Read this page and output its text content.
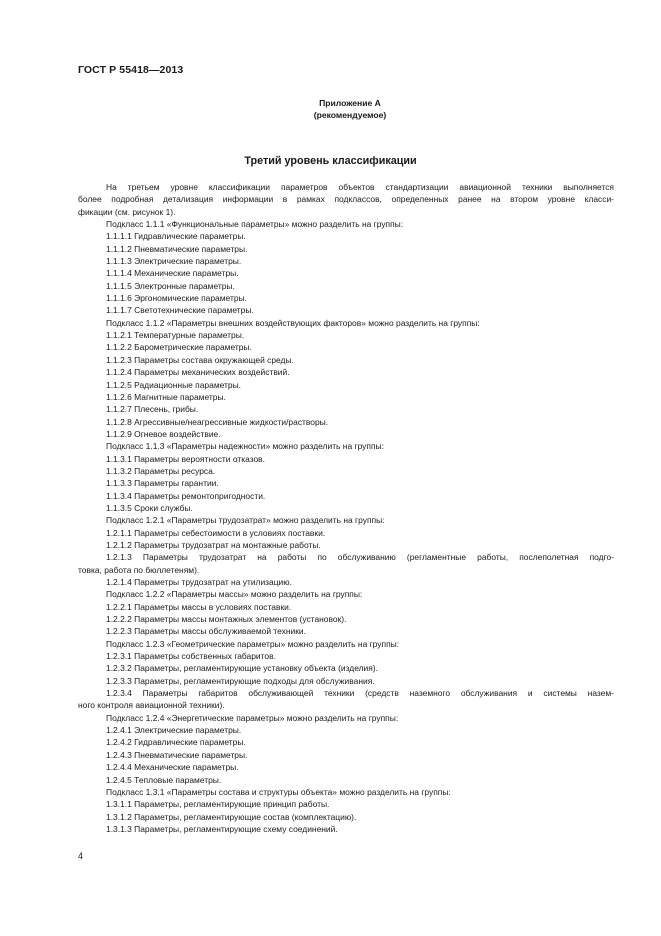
ГОСТ Р 55418—2013
Приложение А
(рекомендуемое)
Третий уровень классификации
На третьем уровне классификации параметров объектов стандартизации авиационной техники выполняется
более подробная детализация информации в рамках подклассов, определенных ранее на втором уровне класси-
фикации (см. рисунок 1).
Подкласс 1.1.1 «Функциональные параметры» можно разделить на группы:
1.1.1.1 Гидравлические параметры.
1.1.1.2 Пневматические параметры.
1.1.1.3 Электрические параметры.
1.1.1.4 Механические параметры.
1.1.1.5 Электронные параметры.
1.1.1.6 Эргономические параметры.
1.1.1.7 Светотехнические параметры.
Подкласс 1.1.2 «Параметры внешних воздействующих факторов» можно разделить на группы:
1.1.2.1 Температурные параметры.
1.1.2.2 Барометрические параметры.
1.1.2.3 Параметры состава окружающей среды.
1.1.2.4 Параметры механических воздействий.
1.1.2.5 Радиационные параметры.
1.1.2.6 Магнитные параметры.
1.1.2.7 Плесень, грибы.
1.1.2.8 Агрессивные/неагрессивные жидкости/растворы.
1.1.2.9 Огневое воздействие.
Подкласс 1.1.3 «Параметры надежности» можно разделить на группы:
1.1.3.1 Параметры вероятности отказов.
1.1.3.2 Параметры ресурса.
1.1.3.3 Параметры гарантии.
1.1.3.4 Параметры ремонтопригодности.
1.1.3.5 Сроки службы.
Подкласс 1.2.1 «Параметры трудозатрат» можно разделить на группы:
1.2.1.1 Параметры себестоимости в условиях поставки.
1.2.1.2 Параметры трудозатрат на монтажные работы.
1.2.1.3 Параметры трудозатрат на работы по обслуживанию (регламентные работы, послеполетная подго-
товка, работа по бюллетеням).
1.2.1.4 Параметры трудозатрат на утилизацию.
Подкласс 1.2.2 «Параметры массы» можно разделить на группы:
1.2.2.1 Параметры массы в условиях поставки.
1.2.2.2 Параметры массы монтажных элементов (установок).
1.2.2.3 Параметры массы обслуживаемой техники.
Подкласс 1.2.3 «Геометрические параметры» можно разделить на группы:
1.2.3.1 Параметры собственных габаритов.
1.2.3.2 Параметры, регламентирующие установку объекта (изделия).
1.2.3.3 Параметры, регламентирующие подходы для обслуживания.
1.2.3.4 Параметры габаритов обслуживающей техники (средств наземного обслуживания и системы назем-
ного контроля авиационной техники).
Подкласс 1.2.4 «Энергетические параметры» можно разделить на группы:
1.2.4.1 Электрические параметры.
1.2.4.2 Гидравлические параметры.
1.2.4.3 Пневматические параметры.
1.2.4.4 Механические параметры.
1.2.4.5 Тепловые параметры.
Подкласс 1.3.1 «Параметры состава и структуры объекта» можно разделить на группы:
1.3.1.1 Параметры, регламентирующие принцип работы.
1.3.1.2 Параметры, регламентирующие состав (комплектацию).
1.3.1.3 Параметры, регламентирующие схему соединений.
4
